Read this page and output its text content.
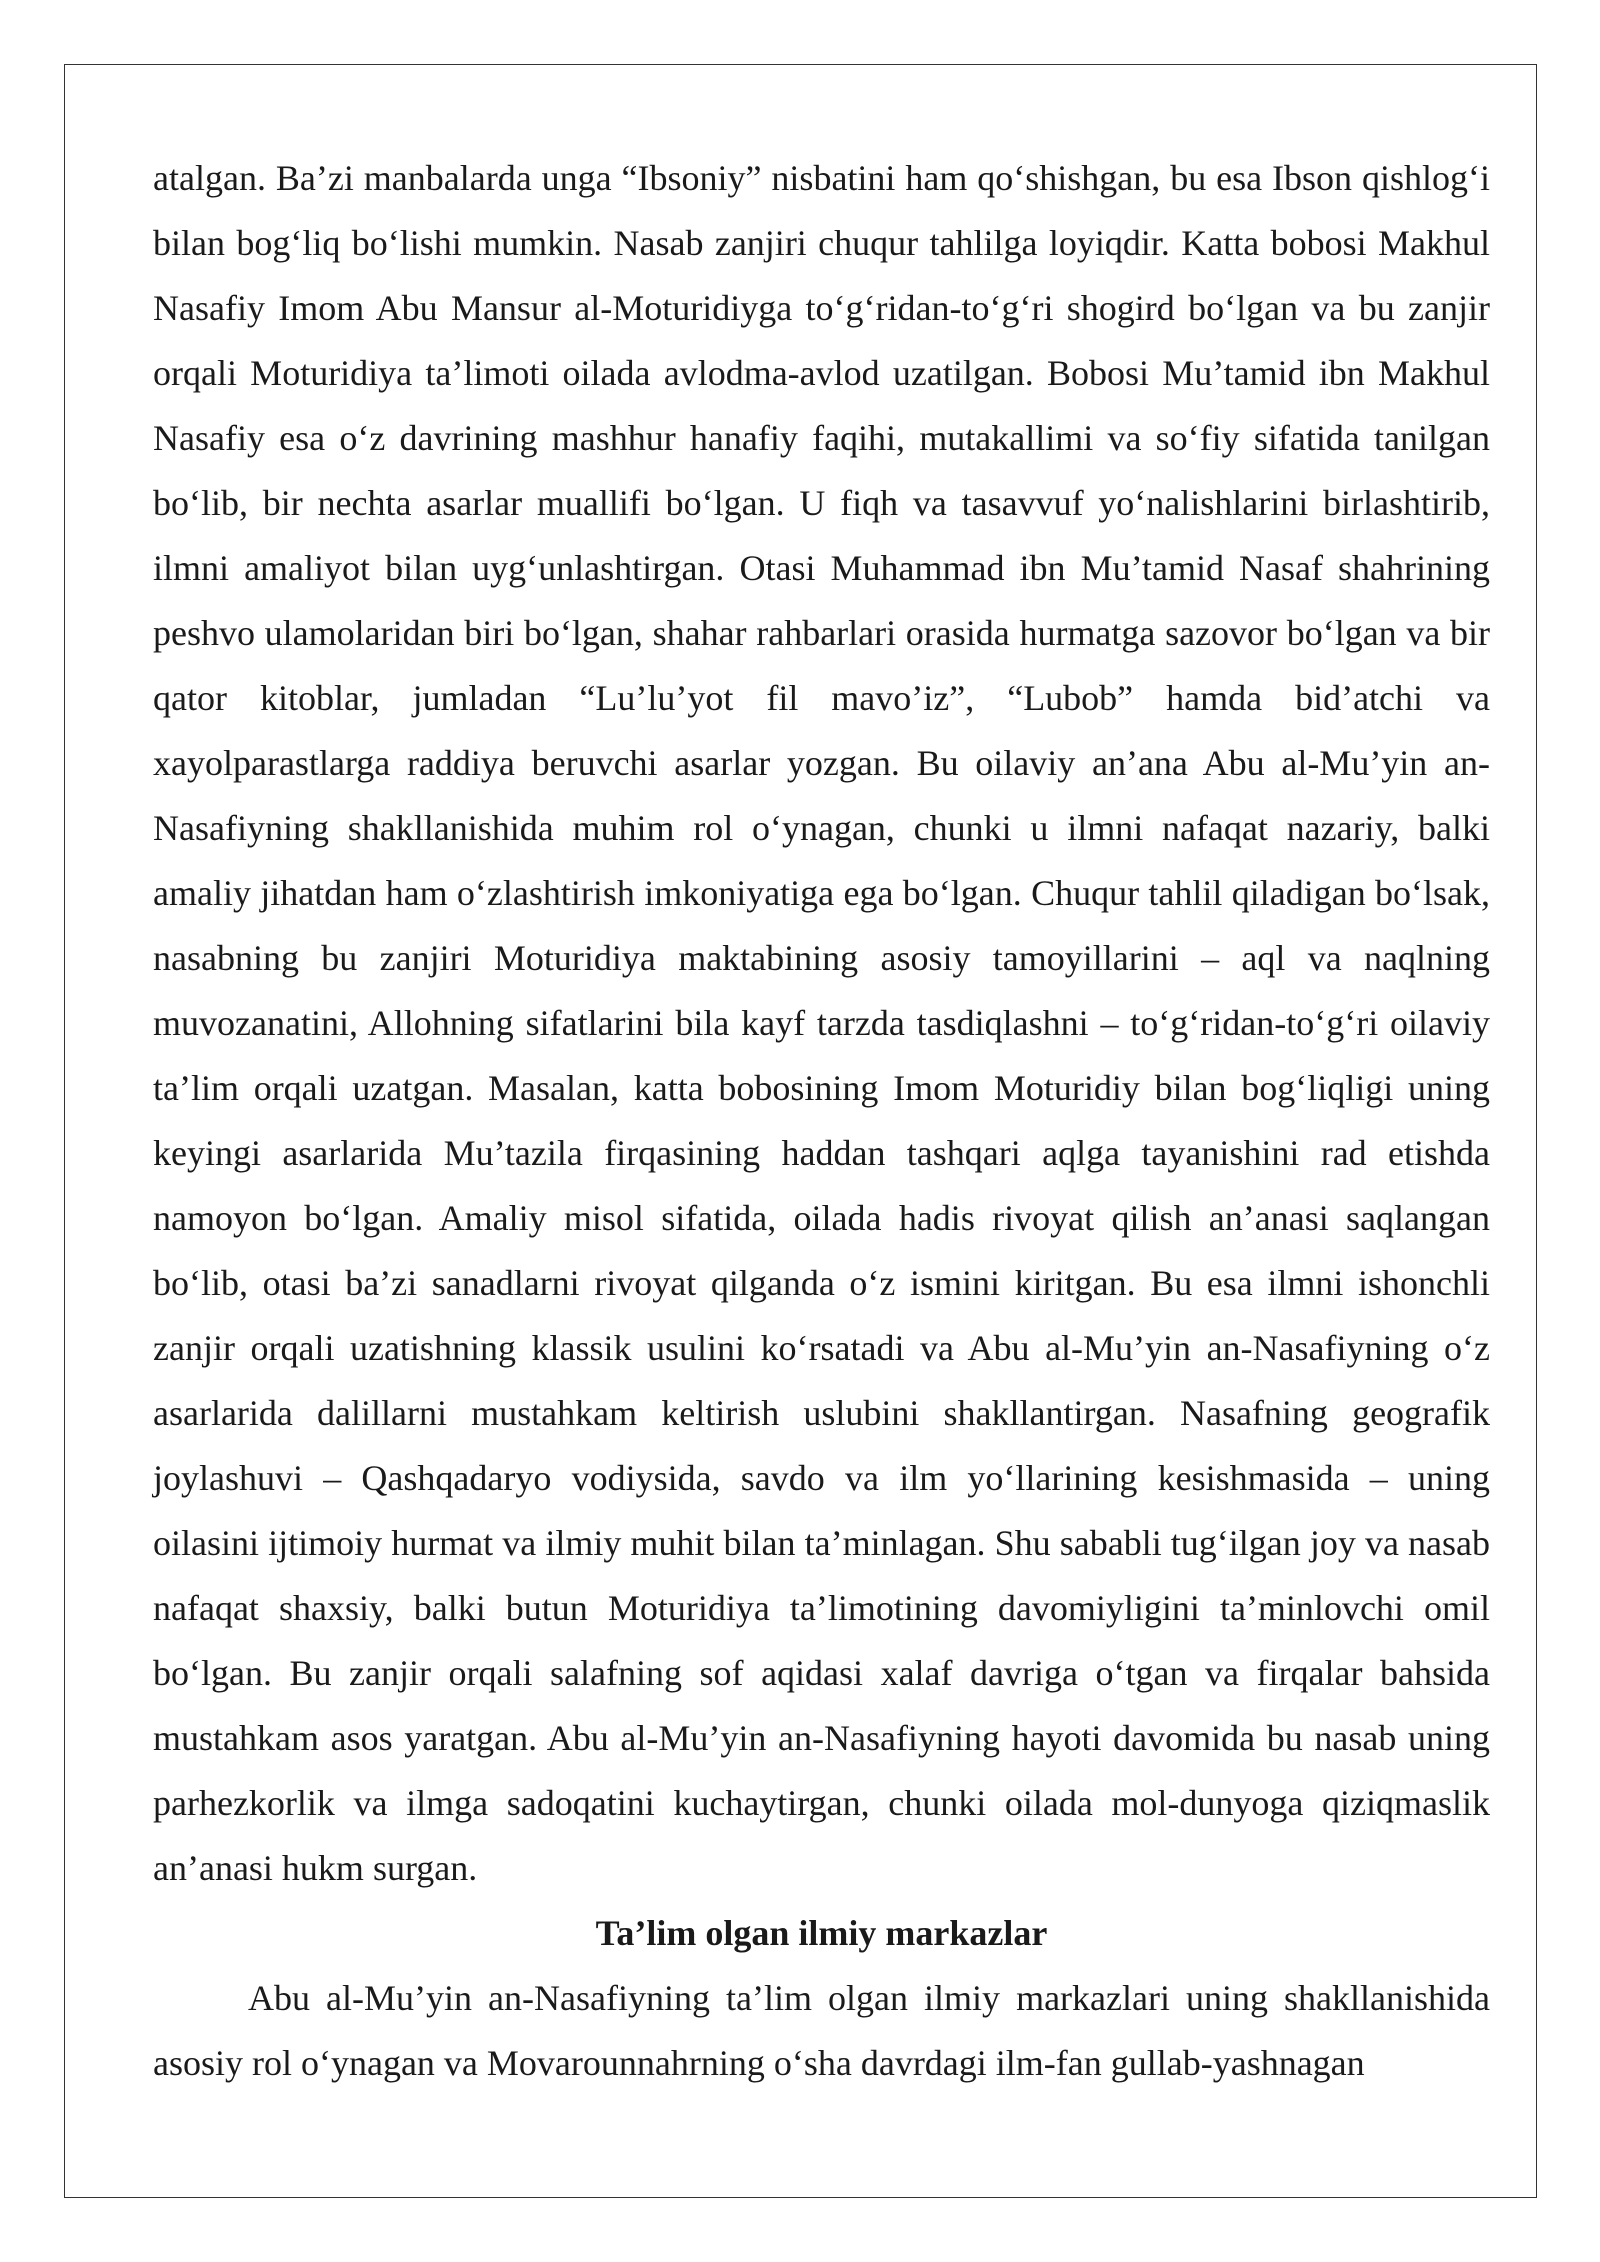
atalgan. Ba’zi manbalarda unga “Ibsoniy” nisbatini ham qo‘shishgan, bu esa Ibson qishlog‘i bilan bog‘liq bo‘lishi mumkin. Nasab zanjiri chuqur tahlilga loyiqdir. Katta bobosi Makhul Nasafiy Imom Abu Mansur al-Moturidiyga to‘g‘ridan-to‘g‘ri shogird bo‘lgan va bu zanjir orqali Moturidiya ta’limoti oilada avlodma-avlod uzatilgan. Bobosi Mu’tamid ibn Makhul Nasafiy esa o‘z davrining mashhur hanafiy faqihi, mutakallimi va so‘fiy sifatida tanilgan bo‘lib, bir nechta asarlar muallifi bo‘lgan. U fiqh va tasavvuf yo‘nalishlarini birlashtirib, ilmni amaliyot bilan uyg‘unlashtirgan. Otasi Muhammad ibn Mu’tamid Nasaf shahrining peshvo ulamolaridan biri bo‘lgan, shahar rahbarlari orasida hurmatga sazovor bo‘lgan va bir qator kitoblar, jumladan “Lu’lu’yot fil mavo’iz”, “Lubob” hamda bid’atchi va xayolparastlarga raddiya beruvchi asarlar yozgan. Bu oilaviy an’ana Abu al-Mu’yin an-Nasafiyning shakllanishida muhim rol o‘ynagan, chunki u ilmni nafaqat nazariy, balki amaliy jihatdan ham o‘zlashtirish imkoniyatiga ega bo‘lgan. Chuqur tahlil qiladigan bo‘lsak, nasabning bu zanjiri Moturidiya maktabining asosiy tamoyillarini – aql va naqlning muvozanatini, Allohning sifatlarini bila kayf tarzda tasdiqlashni – to‘g‘ridan-to‘g‘ri oilaviy ta’lim orqali uzatgan. Masalan, katta bobosining Imom Moturidiy bilan bog‘liqligi uning keyingi asarlarida Mu’tazila firqasining haddan tashqari aqlga tayanishini rad etishda namoyon bo‘lgan. Amaliy misol sifatida, oilada hadis rivoyat qilish an’anasi saqlangan bo‘lib, otasi ba’zi sanadlarni rivoyat qilganda o‘z ismini kiritgan. Bu esa ilmni ishonchli zanjir orqali uzatishning klassik usulini ko‘rsatadi va Abu al-Mu’yin an-Nasafiyning o‘z asarlarida dalillarni mustahkam keltirish uslubini shakllantirgan. Nasafning geografik joylashuvi – Qashqadaryo vodiysida, savdo va ilm yo‘llarining kesishmasida – uning oilasini ijtimoiy hurmat va ilmiy muhit bilan ta’minlagan. Shu sababli tug‘ilgan joy va nasab nafaqat shaxsiy, balki butun Moturidiya ta’limotining davomiyligini ta’minlovchi omil bo‘lgan. Bu zanjir orqali salafning sof aqidasi xalaf davriga o‘tgan va firqalar bahsida mustahkam asos yaratgan. Abu al-Mu’yin an-Nasafiyning hayoti davomida bu nasab uning parhezkorlik va ilmga sadoqatini kuchaytirgan, chunki oilada mol-dunyoga qiziqmaslik an’anasi hukm surgan.

Ta’lim olgan ilmiy markazlar

Abu al-Mu’yin an-Nasafiyning ta’lim olgan ilmiy markazlari uning shakllanishida asosiy rol o‘ynagan va Movarounnahrning o‘sha davrdagi ilm-fan gullab-yashnagan
